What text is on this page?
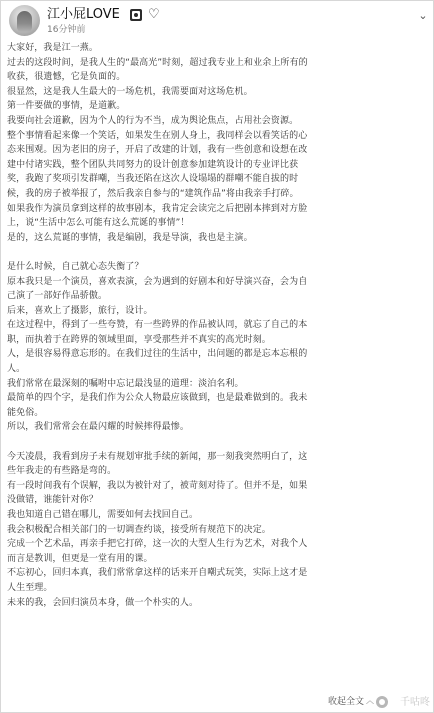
江小屁LOVE ♡
16分钟前
⌄
大家好，我是江一燕。
过去的这段时间，是我人生的“最高光”时刻，超过我专业上和业余上所有的
收获，很遗憾，它是负面的。
很显然，这是我人生最大的一场危机，我需要面对这场危机。
第一件要做的事情，是道歉。
我要向社会道歉，因为个人的行为不当，成为舆论焦点，占用社会资源。
整个事情看起来像一个笑话，如果发生在别人身上，我同样会以看笑话的心
态来围观。因为老旧的房子，开启了改建的计划，我有一些创意和设想在改
建中付诸实践，整个团队共同努力的设计创意参加建筑设计的专业评比获
奖，我跑了奖项引发群嘲，当我还陷在这次人设塌塌的群嘲不能自拔的时
候，我的房子被举报了，然后我亲自参与的“建筑作品”将由我亲手打碎。
如果我作为演员拿到这样的故事剧本，我肯定会读完之后把剧本摔到对方脸
上，说“生活中怎么可能有这么荒诞的事情”！
是的，这么荒诞的事情，我是编剧，我是导演，我也是主演。
是什么时候，自己就心态失衡了？
原本我只是一个演员，喜欢表演，会为遇到的好剧本和好导演兴奋，会为自
己演了一部好作品骄傲。
后来，喜欢上了摄影，旅行，设计。
在这过程中，得到了一些夸赞，有一些跨界的作品被认同，就忘了自己的本
职，而执着于在跨界的领域里面，享受那些并不真实的高光时刻。
人，是很容易得意忘形的。在我们过往的生活中，出问题的都是忘本忘根的
人。
我们常常在最深刻的嘱咐中忘记最浅显的道理：淡泊名利。
最简单的四个字，是我们作为公众人物最应该做到，也是最难做到的。我未
能免俗。
所以，我们常常会在最闪耀的时候摔得最惨。
今天凌晨，我看到房子未有规划审批手续的新闻，那一刻我突然明白了，这
些年我走的有些路是弯的。
有一段时间我有个误解，我以为被针对了，被苛刻对待了。但并不是，如果
没做错，谁能针对你？
我也知道自己错在哪儿，需要如何去找回自己。
我会积极配合相关部门的一切调查约谈，接受所有规范下的决定。
完成一个艺术品，再亲手把它打碎，这一次的大型人生行为艺术，对我个人
而言是教训，但更是一堂有用的课。
不忘初心，回归本真，我们常常拿这样的话来开自嘲式玩笑，实际上这才是
人生至理。
未来的我，会回归演员本身，做一个朴实的人。
收起全文 ︿	千咕咚
